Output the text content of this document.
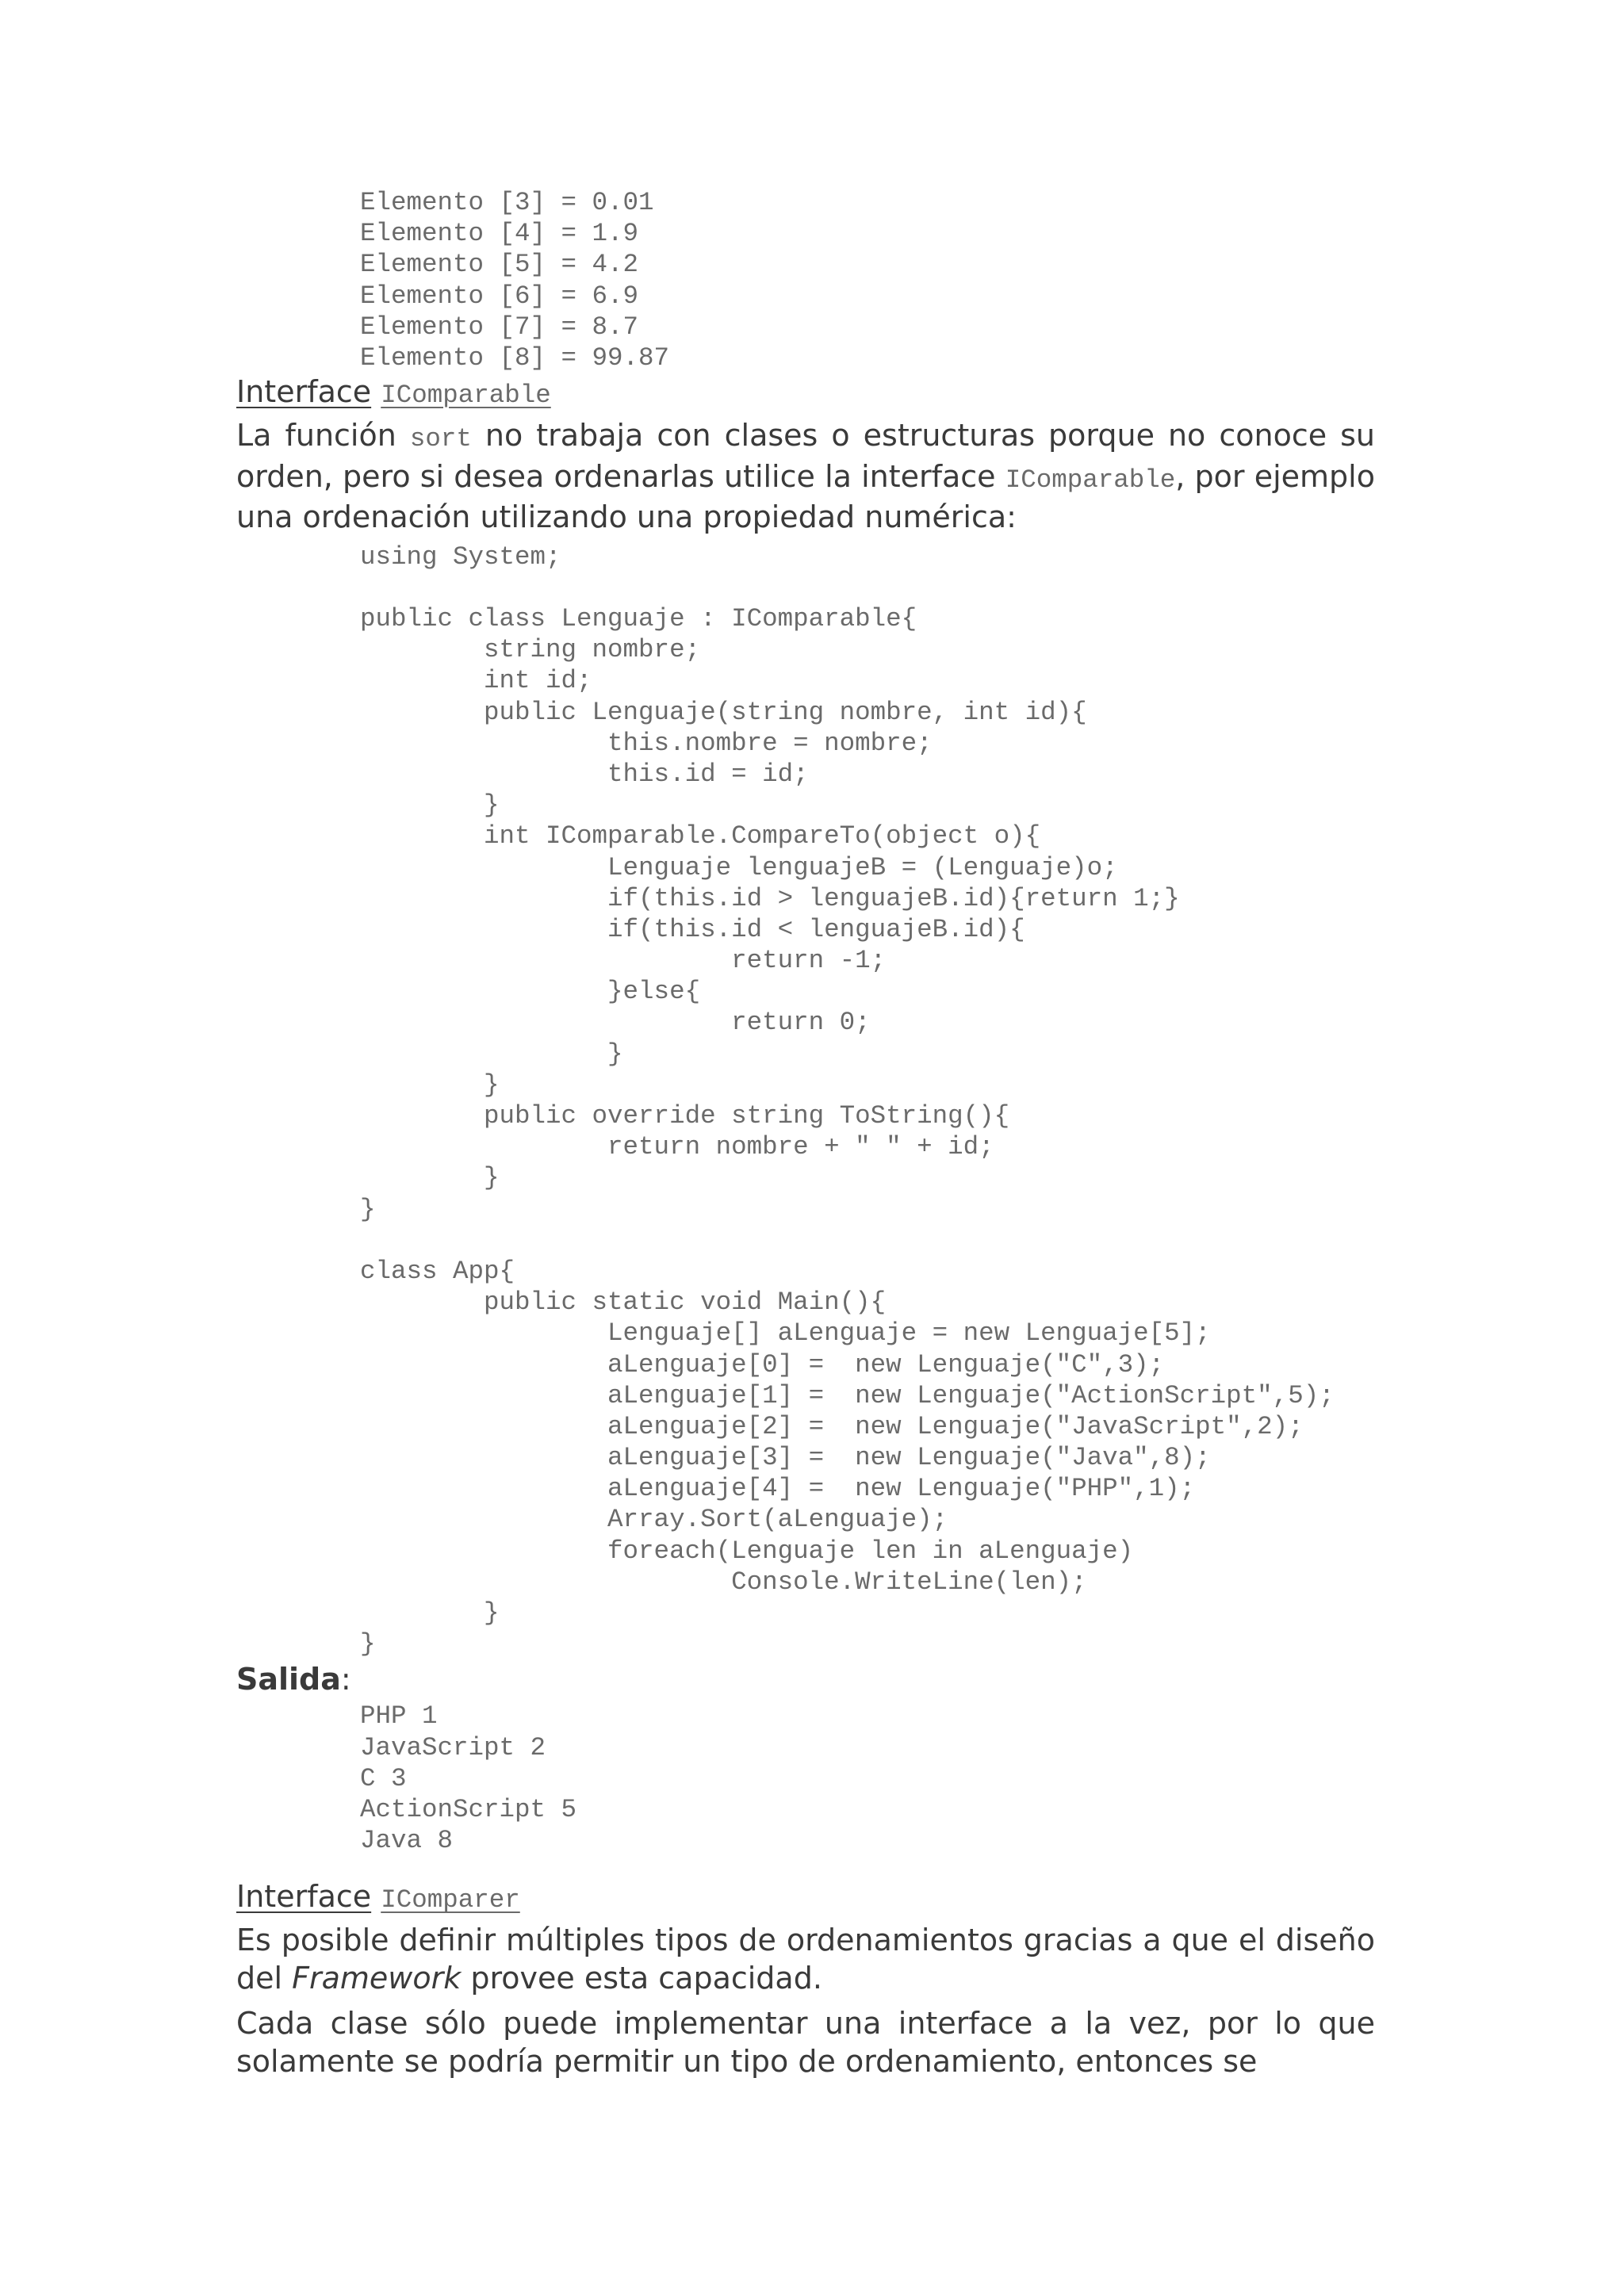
Elemento [3] = 0.01
Elemento [4] = 1.9
Elemento [5] = 4.2
Elemento [6] = 6.9
Elemento [7] = 8.7
Elemento [8] = 99.87

Interface IComparable

La función sort no trabaja con clases o estructuras porque no conoce su orden, pero si desea ordenarlas utilice la interface IComparable, por ejemplo una ordenación utilizando una propiedad numérica:

using System;
public class Lenguaje : IComparable{
string nombre;
int id;
public Lenguaje(string nombre, int id){
this.nombre = nombre;
this.id = id;
}
int IComparable.CompareTo(object o){
Lenguaje lenguajeB = (Lenguaje)o;
if(this.id > lenguajeB.id){return 1;}
if(this.id < lenguajeB.id){
return -1;
}else{
return 0;
}
}
public override string ToString(){
return nombre + " " + id;
}
}
class App{
public static void Main(){
Lenguaje[] aLenguaje = new Lenguaje[5];
aLenguaje[0] =  new Lenguaje("C",3);
aLenguaje[1] =  new Lenguaje("ActionScript",5);
aLenguaje[2] =  new Lenguaje("JavaScript",2);
aLenguaje[3] =  new Lenguaje("Java",8);
aLenguaje[4] =  new Lenguaje("PHP",1);
Array.Sort(aLenguaje);
foreach(Lenguaje len in aLenguaje)
Console.WriteLine(len);
}
}

Salida:

PHP 1
JavaScript 2
C 3
ActionScript 5
Java 8

Interface IComparer

Es posible definir múltiples tipos de ordenamientos gracias a que el diseño del Framework provee esta capacidad.

Cada clase sólo puede implementar una interface a la vez, por lo que solamente se podría permitir un tipo de ordenamiento, entonces se
